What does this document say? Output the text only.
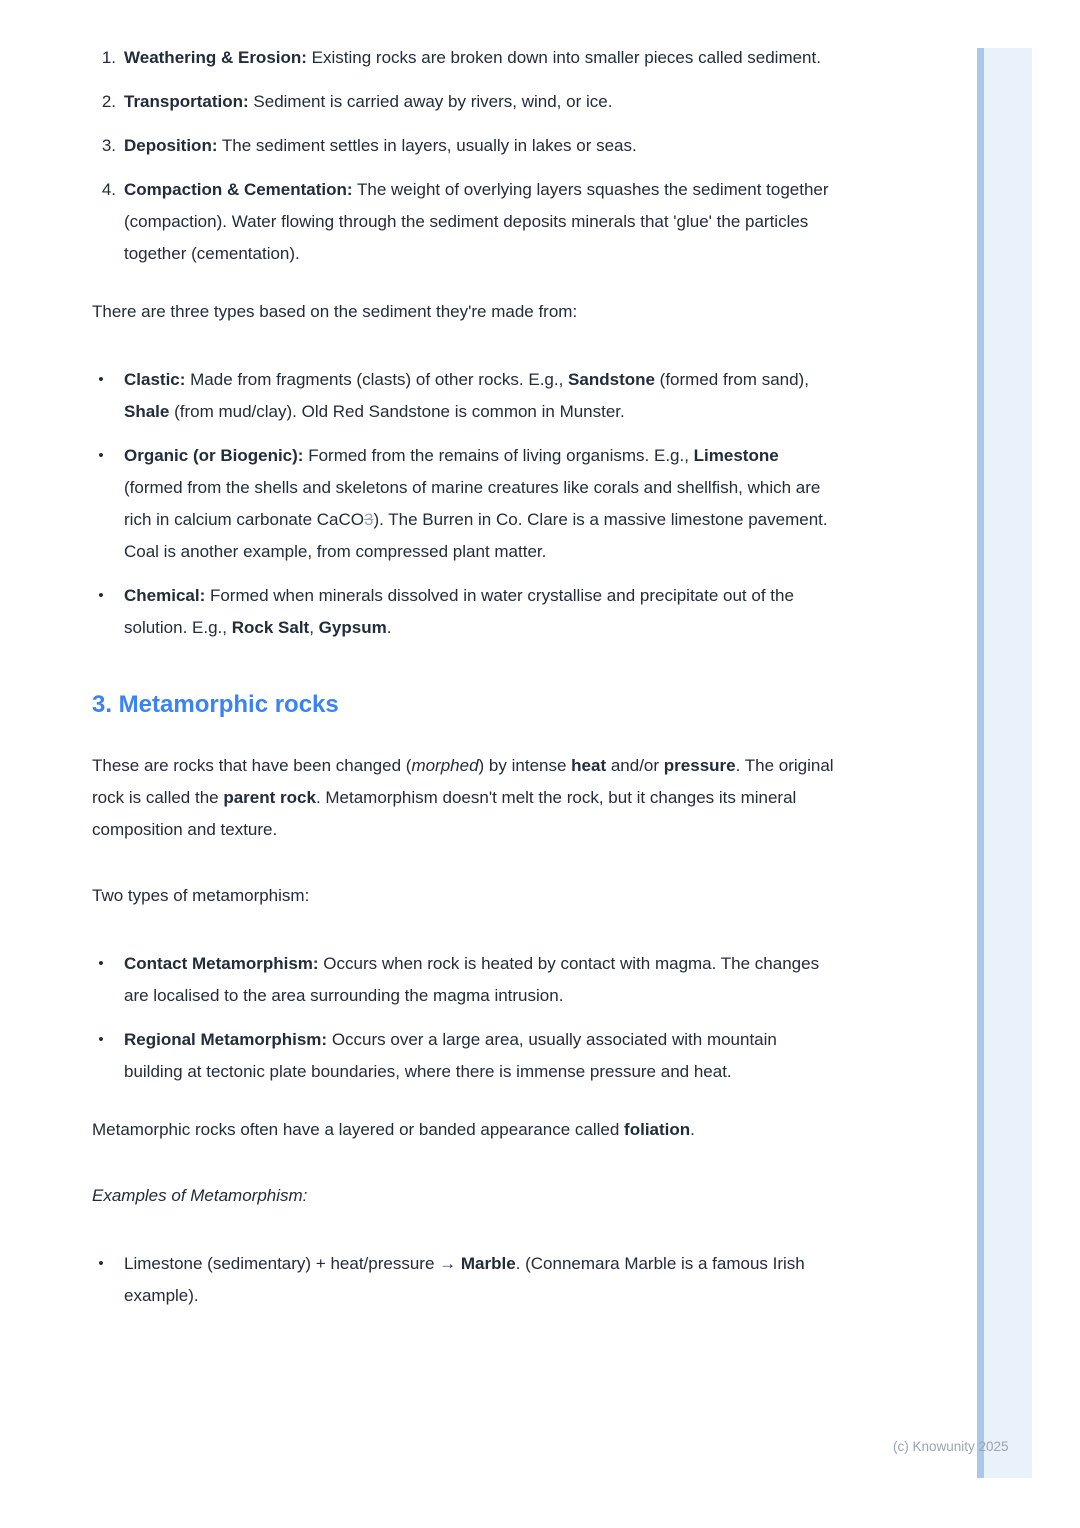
1. Weathering & Erosion: Existing rocks are broken down into smaller pieces called sediment.
2. Transportation: Sediment is carried away by rivers, wind, or ice.
3. Deposition: The sediment settles in layers, usually in lakes or seas.
4. Compaction & Cementation: The weight of overlying layers squashes the sediment together (compaction). Water flowing through the sediment deposits minerals that 'glue' the particles together (cementation).

There are three types based on the sediment they're made from:

•	Clastic: Made from fragments (clasts) of other rocks. E.g., Sandstone (formed from sand), Shale (from mud/clay). Old Red Sandstone is common in Munster.
•	Organic (or Biogenic): Formed from the remains of living organisms. E.g., Limestone (formed from the shells and skeletons of marine creatures like corals and shellfish, which are rich in calcium carbonate CaCO3). The Burren in Co. Clare is a massive limestone pavement. Coal is another example, from compressed plant matter.
•	Chemical: Formed when minerals dissolved in water crystallise and precipitate out of the solution. E.g., Rock Salt, Gypsum.
3. Metamorphic rocks

These are rocks that have been changed (morphed) by intense heat and/or pressure. The original rock is called the parent rock. Metamorphism doesn't melt the rock, but it changes its mineral composition and texture.

Two types of metamorphism:

•	Contact Metamorphism: Occurs when rock is heated by contact with magma. The changes are localised to the area surrounding the magma intrusion.
•	Regional Metamorphism: Occurs over a large area, usually associated with mountain building at tectonic plate boundaries, where there is immense pressure and heat.

Metamorphic rocks often have a layered or banded appearance called foliation.

Examples of Metamorphism:

•	Limestone (sedimentary) + heat/pressure → Marble. (Connemara Marble is a famous Irish example).
(c) Knowunity 2025
